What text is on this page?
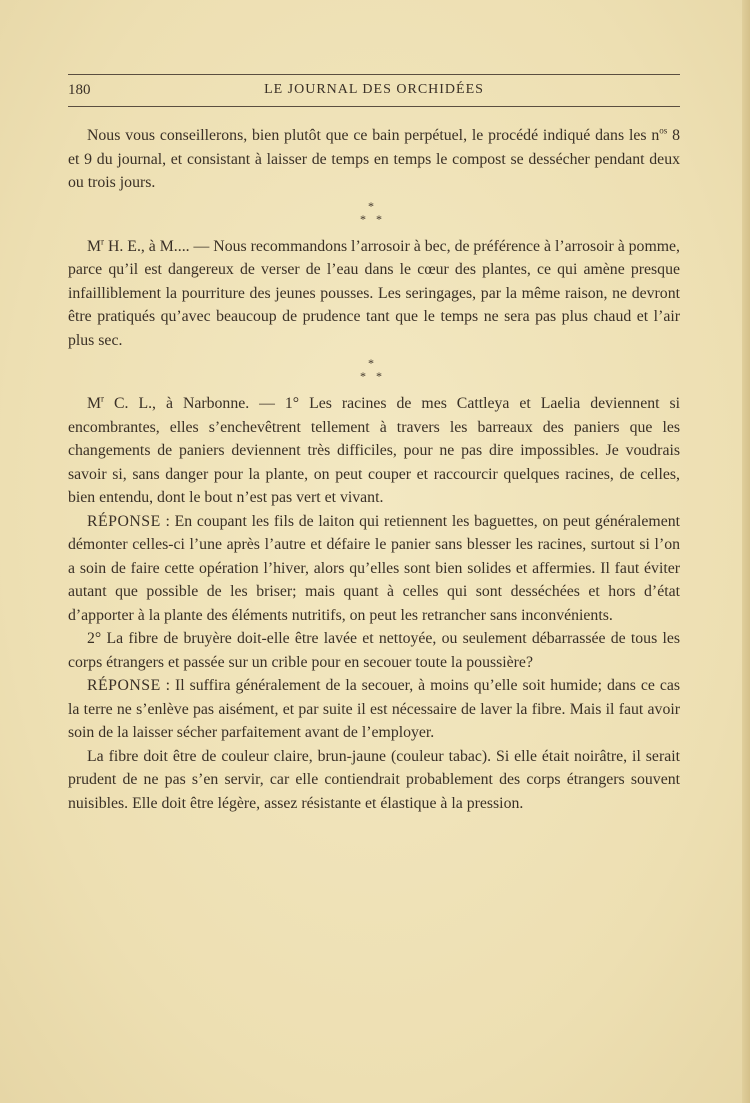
180	LE JOURNAL DES ORCHIDÉES

Nous vous conseillerons, bien plutôt que ce bain perpétuel, le procédé indiqué dans les $n^{os}$ 8 et 9 du journal, et consistant à laisser de temps en temps le compost se dessécher pendant deux ou trois jours.

*
* *

$M^r$ H. E., à M.... — Nous recommandons l’arrosoir à bec, de préférence à l’arrosoir à pomme, parce qu’il est dangereux de verser de l’eau dans le cœur des plantes, ce qui amène presque infailliblement la pourriture des jeunes pousses. Les seringages, par la même raison, ne devront être pratiqués qu’avec beaucoup de prudence tant que le temps ne sera pas plus chaud et l’air plus sec.

*
* *

$M^r$ C. L., à Narbonne. — 1° Les racines de mes Cattleya et Laelia deviennent si encombrantes, elles s’enchevêtrent tellement à travers les barreaux des paniers que les changements de paniers deviennent très difficiles, pour ne pas dire impossibles. Je voudrais savoir si, sans danger pour la plante, on peut couper et raccourcir quelques racines, de celles, bien entendu, dont le bout n’est pas vert et vivant.

RÉPONSE : En coupant les fils de laiton qui retiennent les baguettes, on peut généralement démonter celles-ci l’une après l’autre et défaire le panier sans blesser les racines, surtout si l’on a soin de faire cette opération l’hiver, alors qu’elles sont bien solides et affermies. Il faut éviter autant que possible de les briser; mais quant à celles qui sont desséchées et hors d’état d’apporter à la plante des éléments nutritifs, on peut les retrancher sans inconvénients.

2° La fibre de bruyère doit-elle être lavée et nettoyée, ou seulement débarrassée de tous les corps étrangers et passée sur un crible pour en secouer toute la poussière?

RÉPONSE : Il suffira généralement de la secouer, à moins qu’elle soit humide; dans ce cas la terre ne s’enlève pas aisément, et par suite il est nécessaire de laver la fibre. Mais il faut avoir soin de la laisser sécher parfaitement avant de l’employer.

La fibre doit être de couleur claire, brun-jaune (couleur tabac). Si elle était noirâtre, il serait prudent de ne pas s’en servir, car elle contiendrait probablement des corps étrangers souvent nuisibles. Elle doit être légère, assez résistante et élastique à la pression.
